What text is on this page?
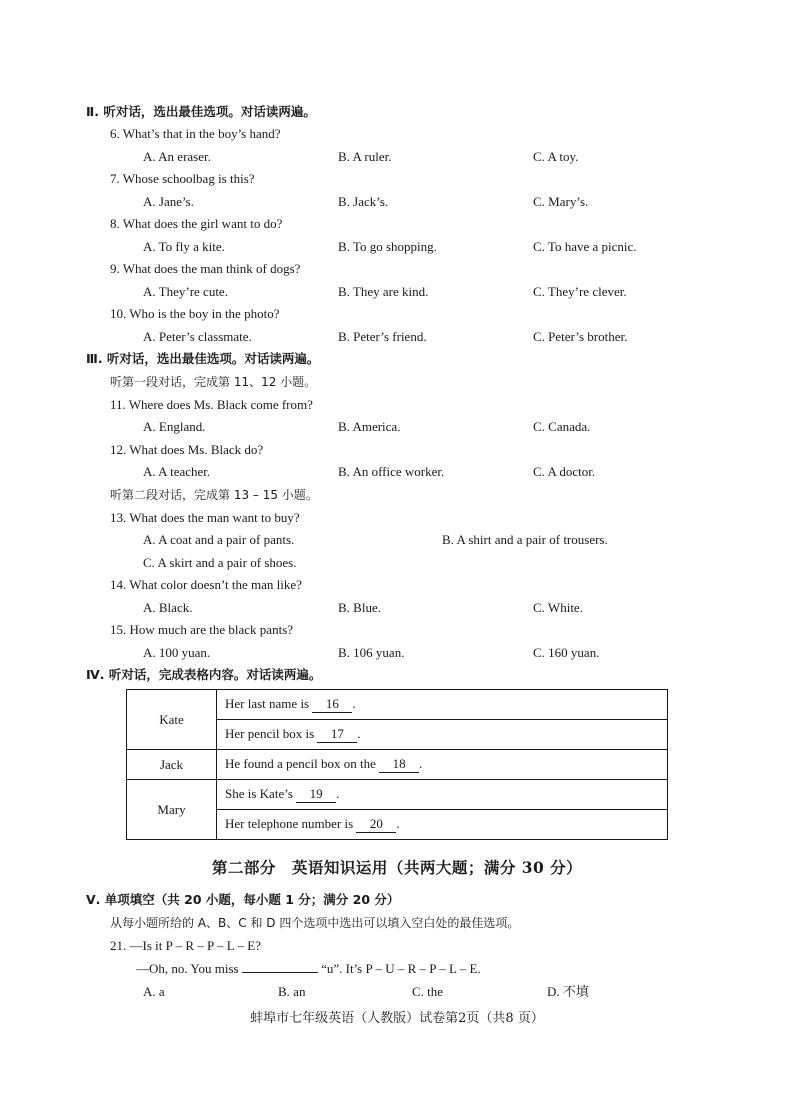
Ⅱ. 听对话，选出最佳选项。对话读两遍。
6. What’s that in the boy’s hand?
A. An eraser.	B. A ruler.	C. A toy.
7. Whose schoolbag is this?
A. Jane’s.	B. Jack’s.	C. Mary’s.
8. What does the girl want to do?
A. To fly a kite.	B. To go shopping.	C. To have a picnic.
9. What does the man think of dogs?
A. They’re cute.	B. They are kind.	C. They’re clever.
10. Who is the boy in the photo?
A. Peter’s classmate.	B. Peter’s friend.	C. Peter’s brother.
Ⅲ. 听对话，选出最佳选项。对话读两遍。
听第一段对话，完成第 11、12 小题。
11. Where does Ms. Black come from?
A. England.	B. America.	C. Canada.
12. What does Ms. Black do?
A. A teacher.	B. An office worker.	C. A doctor.
听第二段对话，完成第 13 – 15 小题。
13. What does the man want to buy?
A. A coat and a pair of pants.	B. A shirt and a pair of trousers.
C. A skirt and a pair of shoes.
14. What color doesn’t the man like?
A. Black.	B. Blue.	C. White.
15. How much are the black pants?
A. 100 yuan.	B. 106 yuan.	C. 160 yuan.
Ⅳ. 听对话，完成表格内容。对话读两遍。
Kate	Her last name is 16 .
	Her pencil box is 17 .
Jack	He found a pencil box on the 18 .
Mary	She is Kate’s 19 .
	Her telephone number is 20 .
第二部分　英语知识运用（共两大题；满分 30 分）
Ⅴ. 单项填空（共 20 小题，每小题 1 分；满分 20 分）
从每小题所给的 A、B、C 和 D 四个选项中选出可以填入空白处的最佳选项。
21. —Is it P – R – P – L – E?
—Oh, no. You miss	“u”. It’s P – U – R – P – L – E.
A. a	B. an	C. the	D. 不填
蚌埠市七年级英语（人教版）试卷第2页（共8 页）
